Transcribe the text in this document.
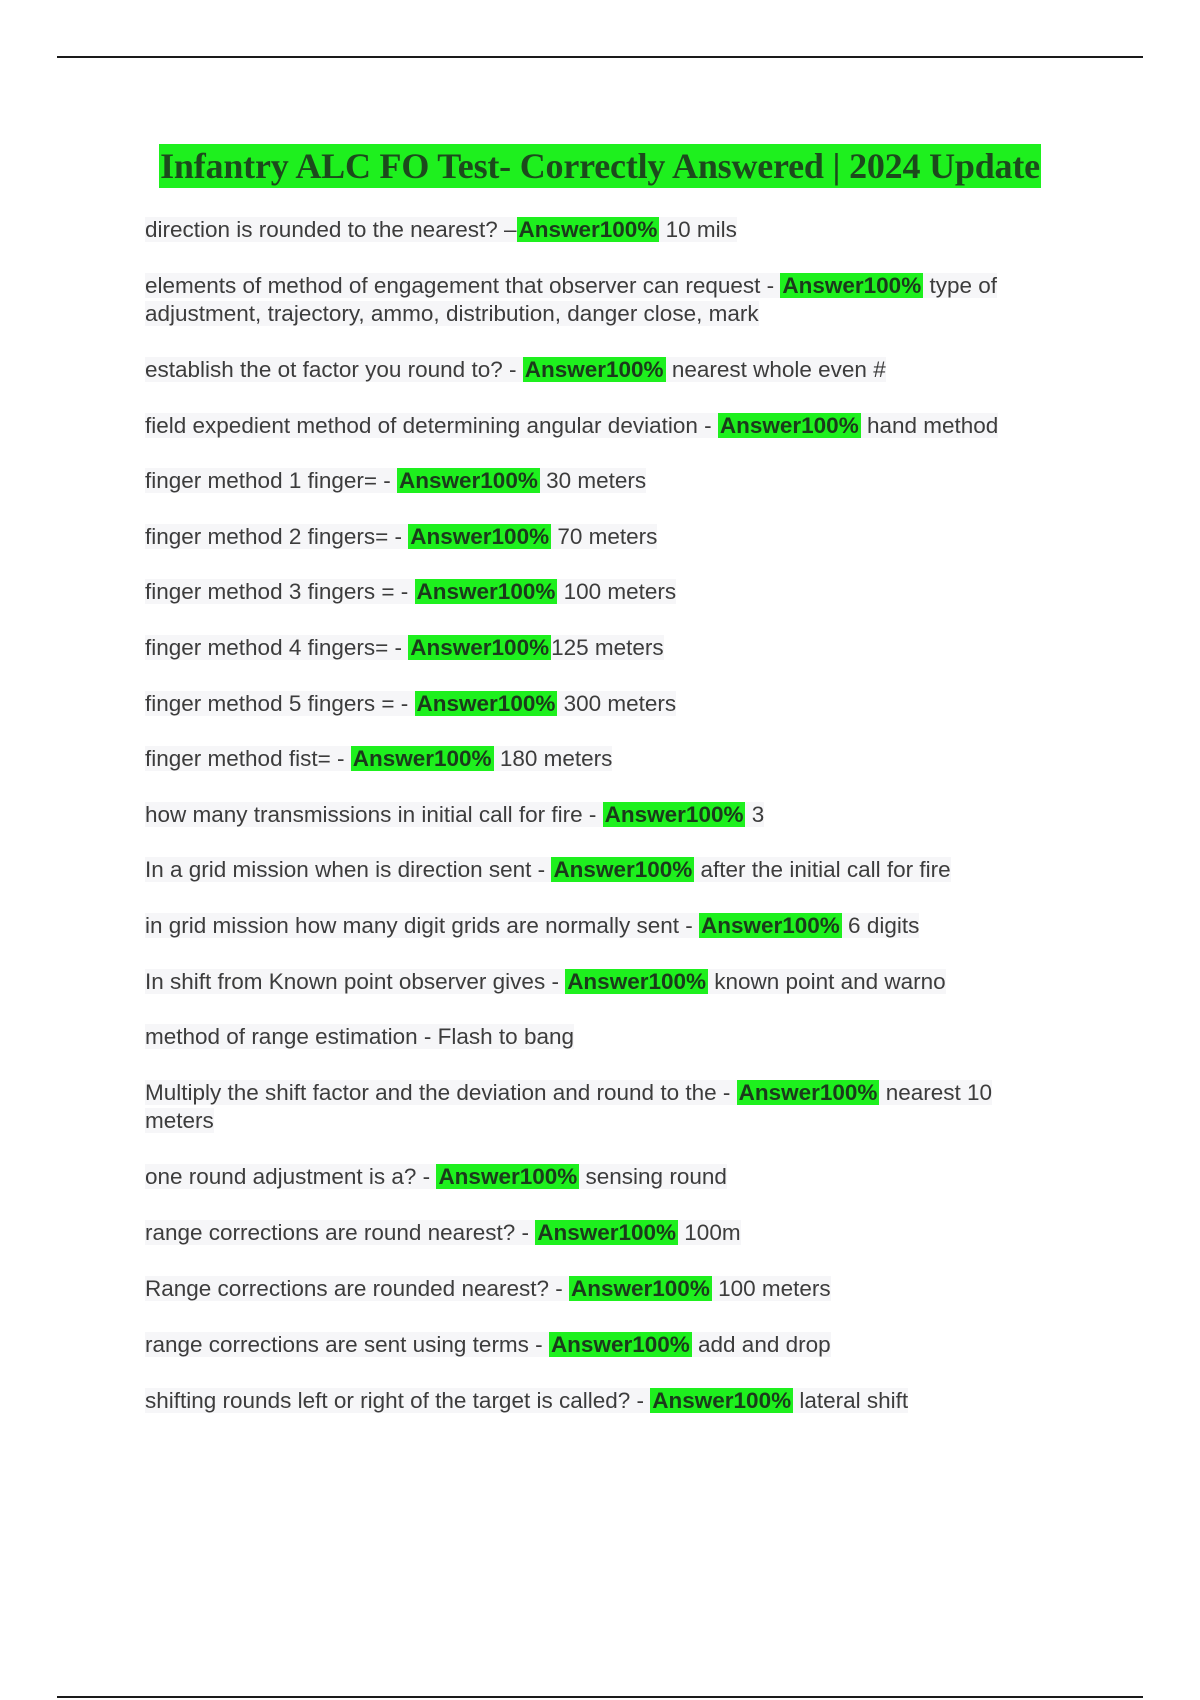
Infantry ALC FO Test- Correctly Answered | 2024 Update
direction is rounded to the nearest? –Answer100% 10 mils
elements of method of engagement that observer can request - Answer100% type of adjustment, trajectory, ammo, distribution, danger close, mark
establish the ot factor you round to? - Answer100% nearest whole even #
field expedient method of determining angular deviation - Answer100% hand method
finger method 1 finger= - Answer100% 30 meters
finger method 2 fingers= - Answer100% 70 meters
finger method 3 fingers = - Answer100% 100 meters
finger method 4 fingers= - Answer100%125 meters
finger method 5 fingers = - Answer100% 300 meters
finger method fist= - Answer100% 180 meters
how many transmissions in initial call for fire - Answer100% 3
In a grid mission when is direction sent - Answer100% after the initial call for fire
in grid mission how many digit grids are normally sent - Answer100% 6 digits
In shift from Known point observer gives - Answer100% known point and warno
method of range estimation - Flash to bang
Multiply the shift factor and the deviation and round to the - Answer100% nearest 10 meters
one round adjustment is a? - Answer100% sensing round
range corrections are round nearest? - Answer100% 100m
Range corrections are rounded nearest? - Answer100% 100 meters
range corrections are sent using terms - Answer100% add and drop
shifting rounds left or right of the target is called? - Answer100% lateral shift
